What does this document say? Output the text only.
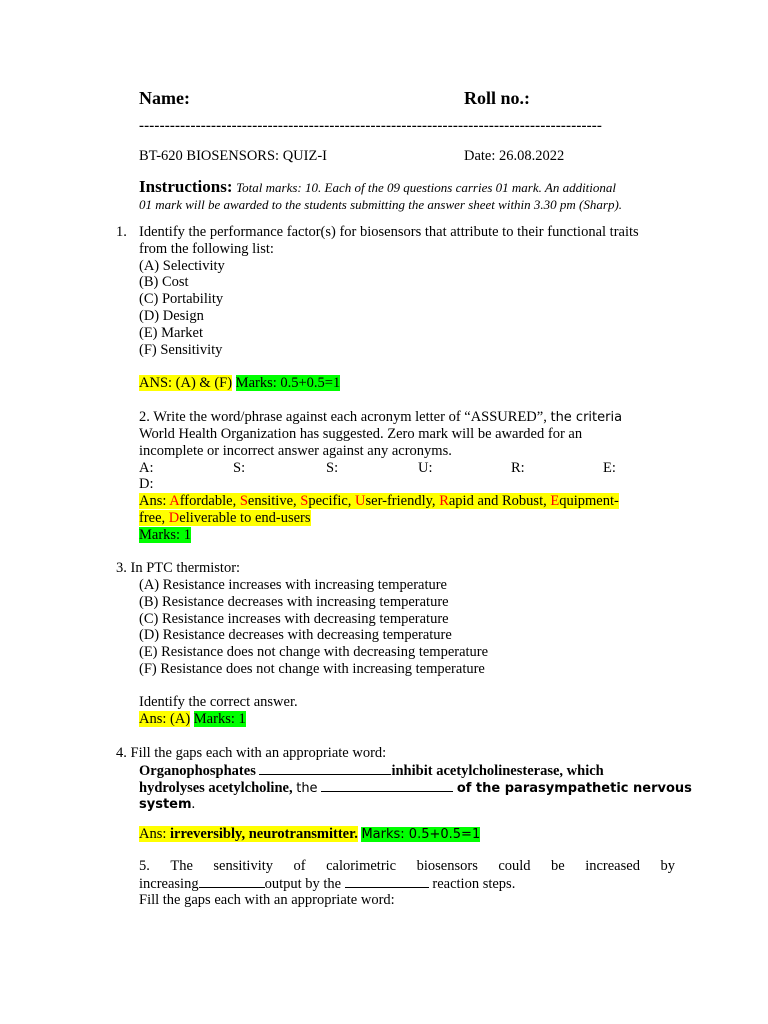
Name:	Roll no.:
------------------------------------------------------------------------------------------
BT-620 BIOSENSORS: QUIZ-I	Date: 26.08.2022
Instructions: Total marks: 10. Each of the 09 questions carries 01 mark. An additional
01 mark will be awarded to the students submitting the answer sheet within 3.30 pm (Sharp).
1. Identify the performance factor(s) for biosensors that attribute to their functional traits
from the following list:
(A) Selectivity
(B) Cost
(C) Portability
(D) Design
(E) Market
(F) Sensitivity
ANS: (A) & (F) Marks: 0.5+0.5=1
2. Write the word/phrase against each acronym letter of “ASSURED”, the criteria
World Health Organization has suggested. Zero mark will be awarded for an
incomplete or incorrect answer against any acronyms.
A:	S:	S:	U:	R:	E:
D:
Ans: Affordable, Sensitive, Specific, User-friendly, Rapid and Robust, Equipment-
free, Deliverable to end-users
Marks: 1
3. In PTC thermistor:
(A) Resistance increases with increasing temperature
(B) Resistance decreases with increasing temperature
(C) Resistance increases with decreasing temperature
(D) Resistance decreases with decreasing temperature
(E) Resistance does not change with decreasing temperature
(F) Resistance does not change with increasing temperature
Identify the correct answer.
Ans: (A) Marks: 1
4. Fill the gaps each with an appropriate word:
Organophosphates	inhibit acetylcholinesterase, which
hydrolyses acetylcholine, the	of the parasympathetic nervous
system.
Ans: irreversibly, neurotransmitter. Marks: 0.5+0.5=1
5. The sensitivity of calorimetric biosensors could be increased by
increasing	output by the	reaction steps.
Fill the gaps each with an appropriate word:
